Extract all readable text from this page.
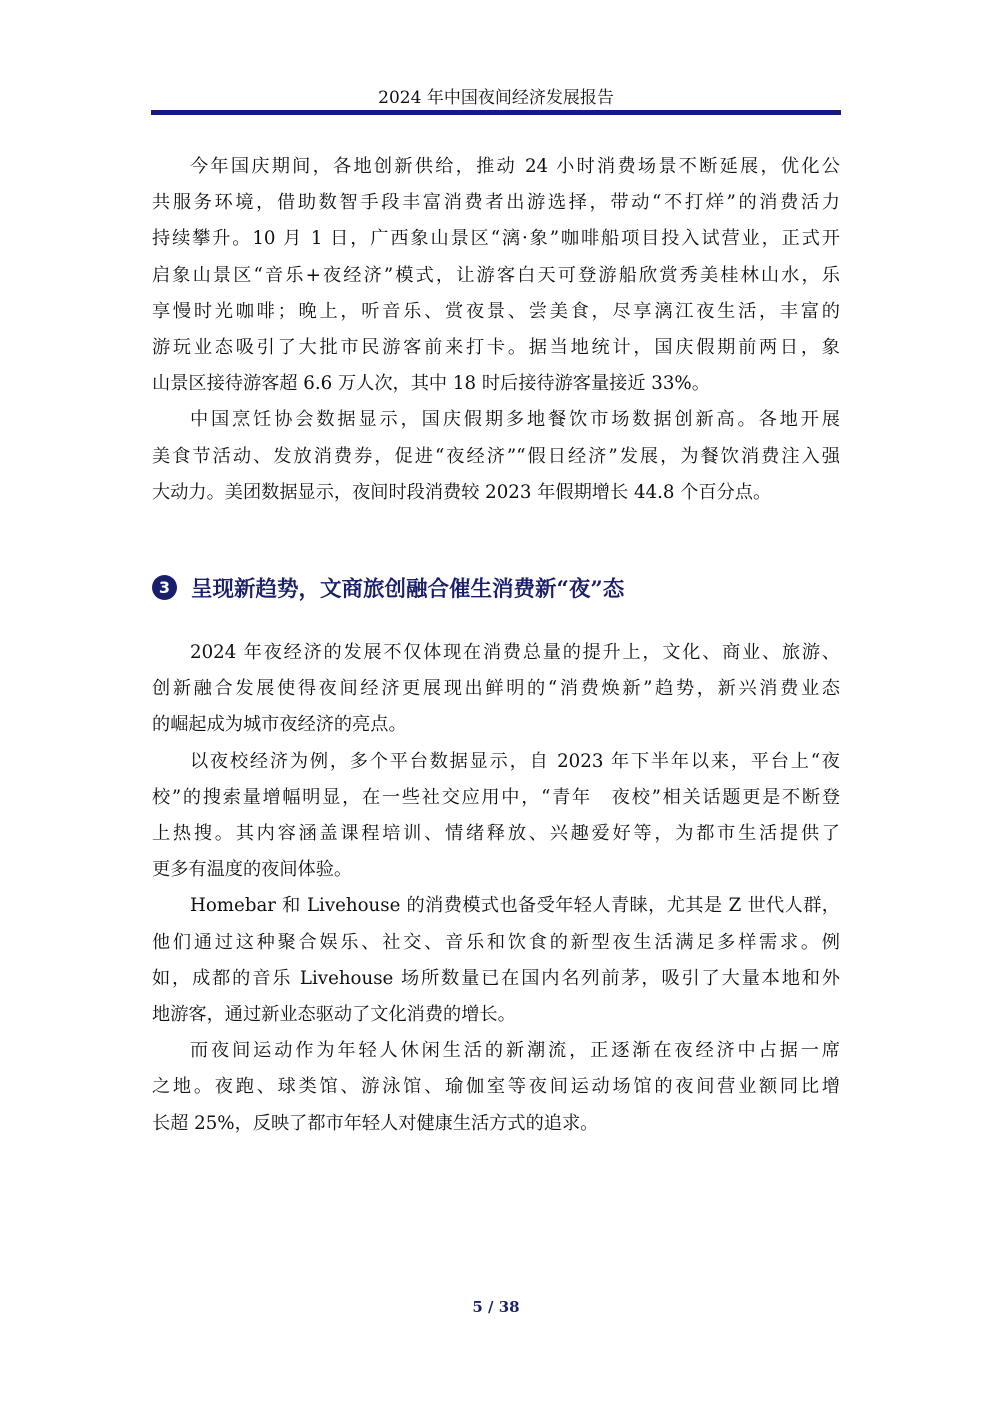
2024 年中国夜间经济发展报告

今年国庆期间，各地创新供给，推动 24 小时消费场景不断延展，优化公
共服务环境，借助数智手段丰富消费者出游选择，带动“不打烊”的消费活力
持续攀升。10 月 1 日，广西象山景区“漓·象”咖啡船项目投入试营业，正式开
启象山景区“音乐+夜经济”模式，让游客白天可登游船欣赏秀美桂林山水，乐
享慢时光咖啡；晚上，听音乐、赏夜景、尝美食，尽享漓江夜生活，丰富的
游玩业态吸引了大批市民游客前来打卡。据当地统计，国庆假期前两日，象
山景区接待游客超 6.6 万人次，其中 18 时后接待游客量接近 33%。

中国烹饪协会数据显示，国庆假期多地餐饮市场数据创新高。各地开展
美食节活动、发放消费券，促进“夜经济”“假日经济”发展，为餐饮消费注入强
大动力。美团数据显示，夜间时段消费较 2023 年假期增长 44.8 个百分点。

3 呈现新趋势，文商旅创融合催生消费新“夜”态

2024 年夜经济的发展不仅体现在消费总量的提升上，文化、商业、旅游、
创新融合发展使得夜间经济更展现出鲜明的“消费焕新”趋势，新兴消费业态
的崛起成为城市夜经济的亮点。

以夜校经济为例，多个平台数据显示，自 2023 年下半年以来，平台上“夜
校”的搜索量增幅明显，在一些社交应用中，“青年　夜校”相关话题更是不断登
上热搜。其内容涵盖课程培训、情绪释放、兴趣爱好等，为都市生活提供了
更多有温度的夜间体验。

Homebar 和 Livehouse 的消费模式也备受年轻人青睐，尤其是 Z 世代人群，
他们通过这种聚合娱乐、社交、音乐和饮食的新型夜生活满足多样需求。例
如，成都的音乐 Livehouse 场所数量已在国内名列前茅，吸引了大量本地和外
地游客，通过新业态驱动了文化消费的增长。

而夜间运动作为年轻人休闲生活的新潮流，正逐渐在夜经济中占据一席
之地。夜跑、球类馆、游泳馆、瑜伽室等夜间运动场馆的夜间营业额同比增
长超 25%，反映了都市年轻人对健康生活方式的追求。

5 / 38
